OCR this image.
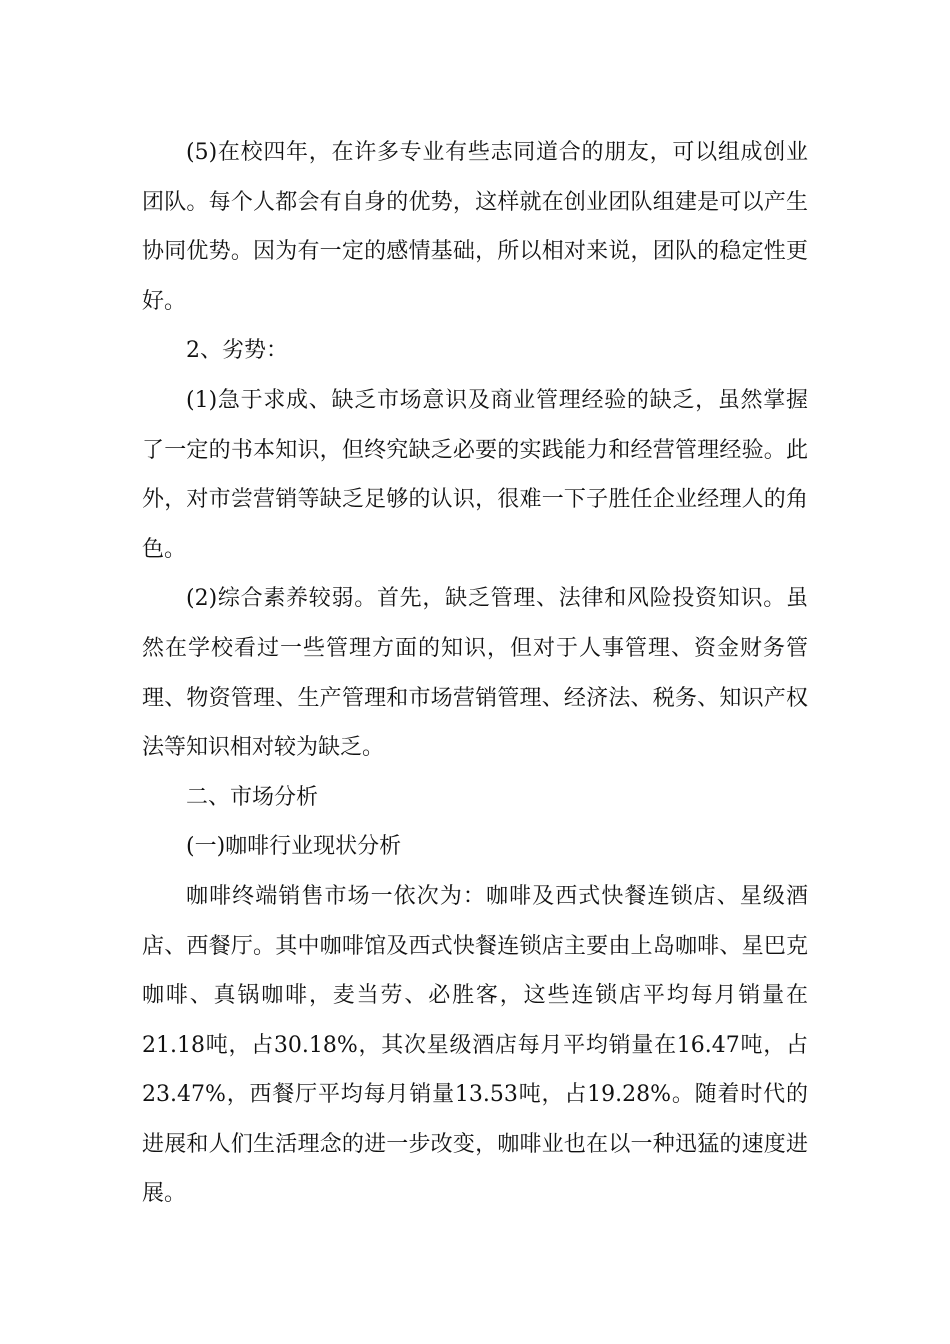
(5)在校四年，在许多专业有些志同道合的朋友，可以组成创业团队。每个人都会有自身的优势，这样就在创业团队组建是可以产生协同优势。因为有一定的感情基础，所以相对来说，团队的稳定性更好。

2、劣势：

(1)急于求成、缺乏市场意识及商业管理经验的缺乏，虽然掌握了一定的书本知识，但终究缺乏必要的实践能力和经营管理经验。此外，对市尝营销等缺乏足够的认识，很难一下子胜任企业经理人的角色。

(2)综合素养较弱。首先，缺乏管理、法律和风险投资知识。虽然在学校看过一些管理方面的知识，但对于人事管理、资金财务管理、物资管理、生产管理和市场营销管理、经济法、税务、知识产权法等知识相对较为缺乏。

二、市场分析

(一)咖啡行业现状分析

咖啡终端销售市场一依次为：咖啡及西式快餐连锁店、星级酒店、西餐厅。其中咖啡馆及西式快餐连锁店主要由上岛咖啡、星巴克咖啡、真锅咖啡，麦当劳、必胜客，这些连锁店平均每月销量在21.18吨，占30.18%，其次星级酒店每月平均销量在16.47吨，占23.47%，西餐厅平均每月销量13.53吨，占19.28%。随着时代的进展和人们生活理念的进一步改变，咖啡业也在以一种迅猛的速度进展。
